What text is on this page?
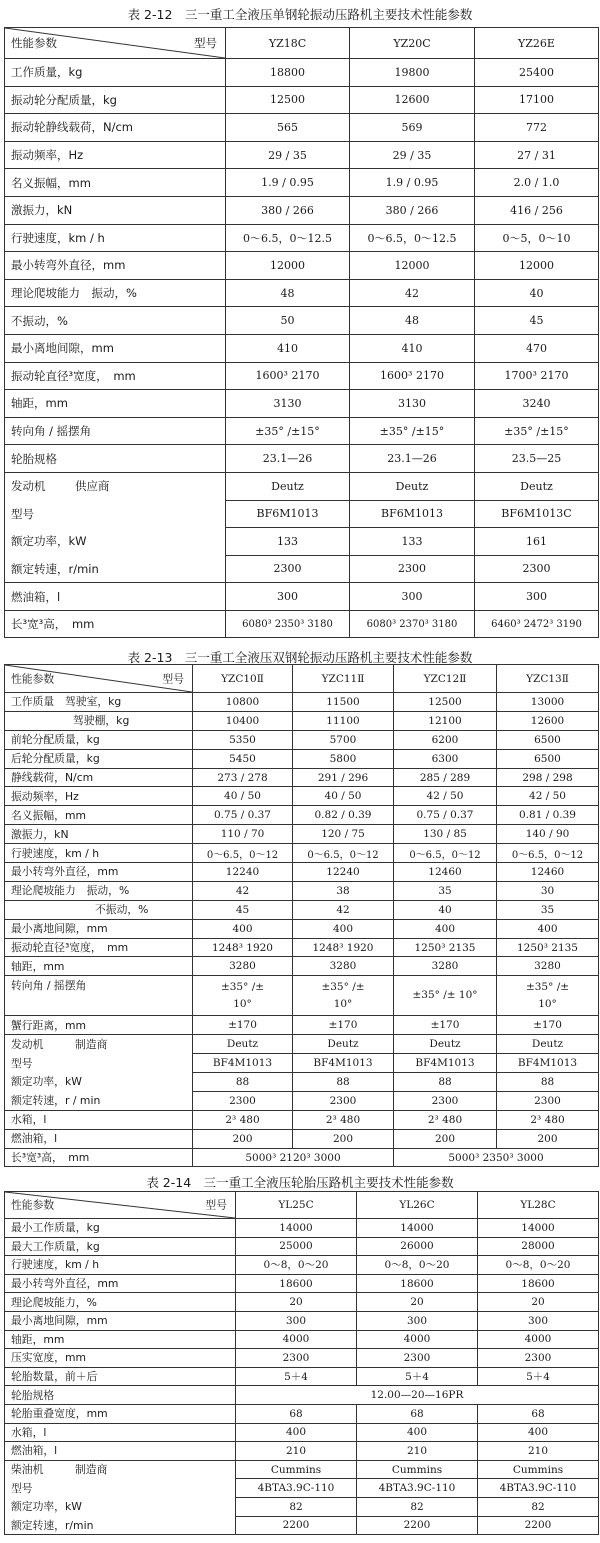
表 2-12　三一重工全液压单钢轮振动压路机主要技术性能参数
性能参数 型号	YZ18C	YZ20C	YZ26E
工作质量，kg	18800	19800	25400
振动轮分配质量，kg	12500	12600	17100
振动轮静线载荷，N/cm	565	569	772
振动频率，Hz	29 / 35	29 / 35	27 / 31
名义振幅，mm	1.9 / 0.95	1.9 / 0.95	2.0 / 1.0
激振力，kN	380 / 266	380 / 266	416 / 256
行驶速度，km / h	0～6.5，0～12.5	0～6.5，0～12.5	0～5，0～10
最小转弯外直径，mm	12000	12000	12000
理论爬坡能力　振动，%	48	42	40
不振动，%	50	48	45
最小离地间隙，mm	410	410	470
振动轮直径³宽度，　mm	1600³ 2170	1600³ 2170	1700³ 2170
轴距，mm	3130	3130	3240
转向角 / 摇摆角	±35° /±15°	±35° /±15°	±35° /±15°
轮胎规格	23.1—26	23.1—26	23.5—25
发动机 供应商	Deutz	Deutz	Deutz
型号	BF6M1013	BF6M1013	BF6M1013C
额定功率，kW	133	133	161
额定转速，r/min	2300	2300	2300
燃油箱，l	300	300	300
长³宽³高，　mm	6080³ 2350³ 3180	6080³ 2370³ 3180	6460³ 2472³ 3190
表 2-13　三一重工全液压双钢轮振动压路机主要技术性能参数
性能参数 型号	YZC10Ⅱ	YZC11Ⅱ	YZC12Ⅱ	YZC13Ⅱ
工作质量　驾驶室，kg	10800	11500	12500	13000
驾驶棚，kg	10400	11100	12100	12600
前轮分配质量，kg	5350	5700	6200	6500
后轮分配质量，kg	5450	5800	6300	6500
静线载荷，N/cm	273 / 278	291 / 296	285 / 289	298 / 298
振动频率，Hz	40 / 50	40 / 50	42 / 50	42 / 50
名义振幅，mm	0.75 / 0.37	0.82 / 0.39	0.75 / 0.37	0.81 / 0.39
激振力，kN	110 / 70	120 / 75	130 / 85	140 / 90
行驶速度，km / h	0～6.5，0～12	0～6.5，0～12	0～6.5，0～12	0～6.5，0～12
最小转弯外直径，mm	12240	12240	12460	12460
理论爬坡能力　振动，%	42	38	35	30
不振动，%	45	42	40	35
最小离地间隙，mm	400	400	400	400
振动轮直径³宽度，　mm	1248³ 1920	1248³ 1920	1250³ 2135	1250³ 2135
轴距，mm	3280	3280	3280	3280
转向角 / 摇摆角	±35° /± 10°	±35° /± 10°	±35° /± 10°	±35° /± 10°
蟹行距离，mm	±170	±170	±170	±170
发动机 制造商	Deutz	Deutz	Deutz	Deutz
型号	BF4M1013	BF4M1013	BF4M1013	BF4M1013
额定功率，kW	88	88	88	88
额定转速，r / min	2300	2300	2300	2300
水箱，l	2³ 480	2³ 480	2³ 480	2³ 480
燃油箱，l	200	200	200	200
长³宽³高，　mm	5000³ 2120³ 3000		5000³ 2350³ 3000	
表 2-14　三一重工全液压轮胎压路机主要技术性能参数
性能参数 型号	YL25C	YL26C	YL28C
最小工作质量，kg	14000	14000	14000
最大工作质量，kg	25000	26000	28000
行驶速度，km / h	0～8，0～20	0～8，0～20	0～8，0～20
最小转弯外直径，mm	18600	18600	18600
理论爬坡能力，%	20	20	20
最小离地间隙，mm	300	300	300
轴距，mm	4000	4000	4000
压实宽度，mm	2300	2300	2300
轮胎数量，前＋后	5＋4	5＋4	5＋4
轮胎规格	12.00—20—16PR		
轮胎重叠宽度，mm	68	68	68
水箱，l	400	400	400
燃油箱，l	210	210	210
柴油机 制造商	Cummins	Cummins	Cummins
型号	4BTA3.9C-110	4BTA3.9C-110	4BTA3.9C-110
额定功率，kW	82	82	82
额定转速，r/min	2200	2200	2200
